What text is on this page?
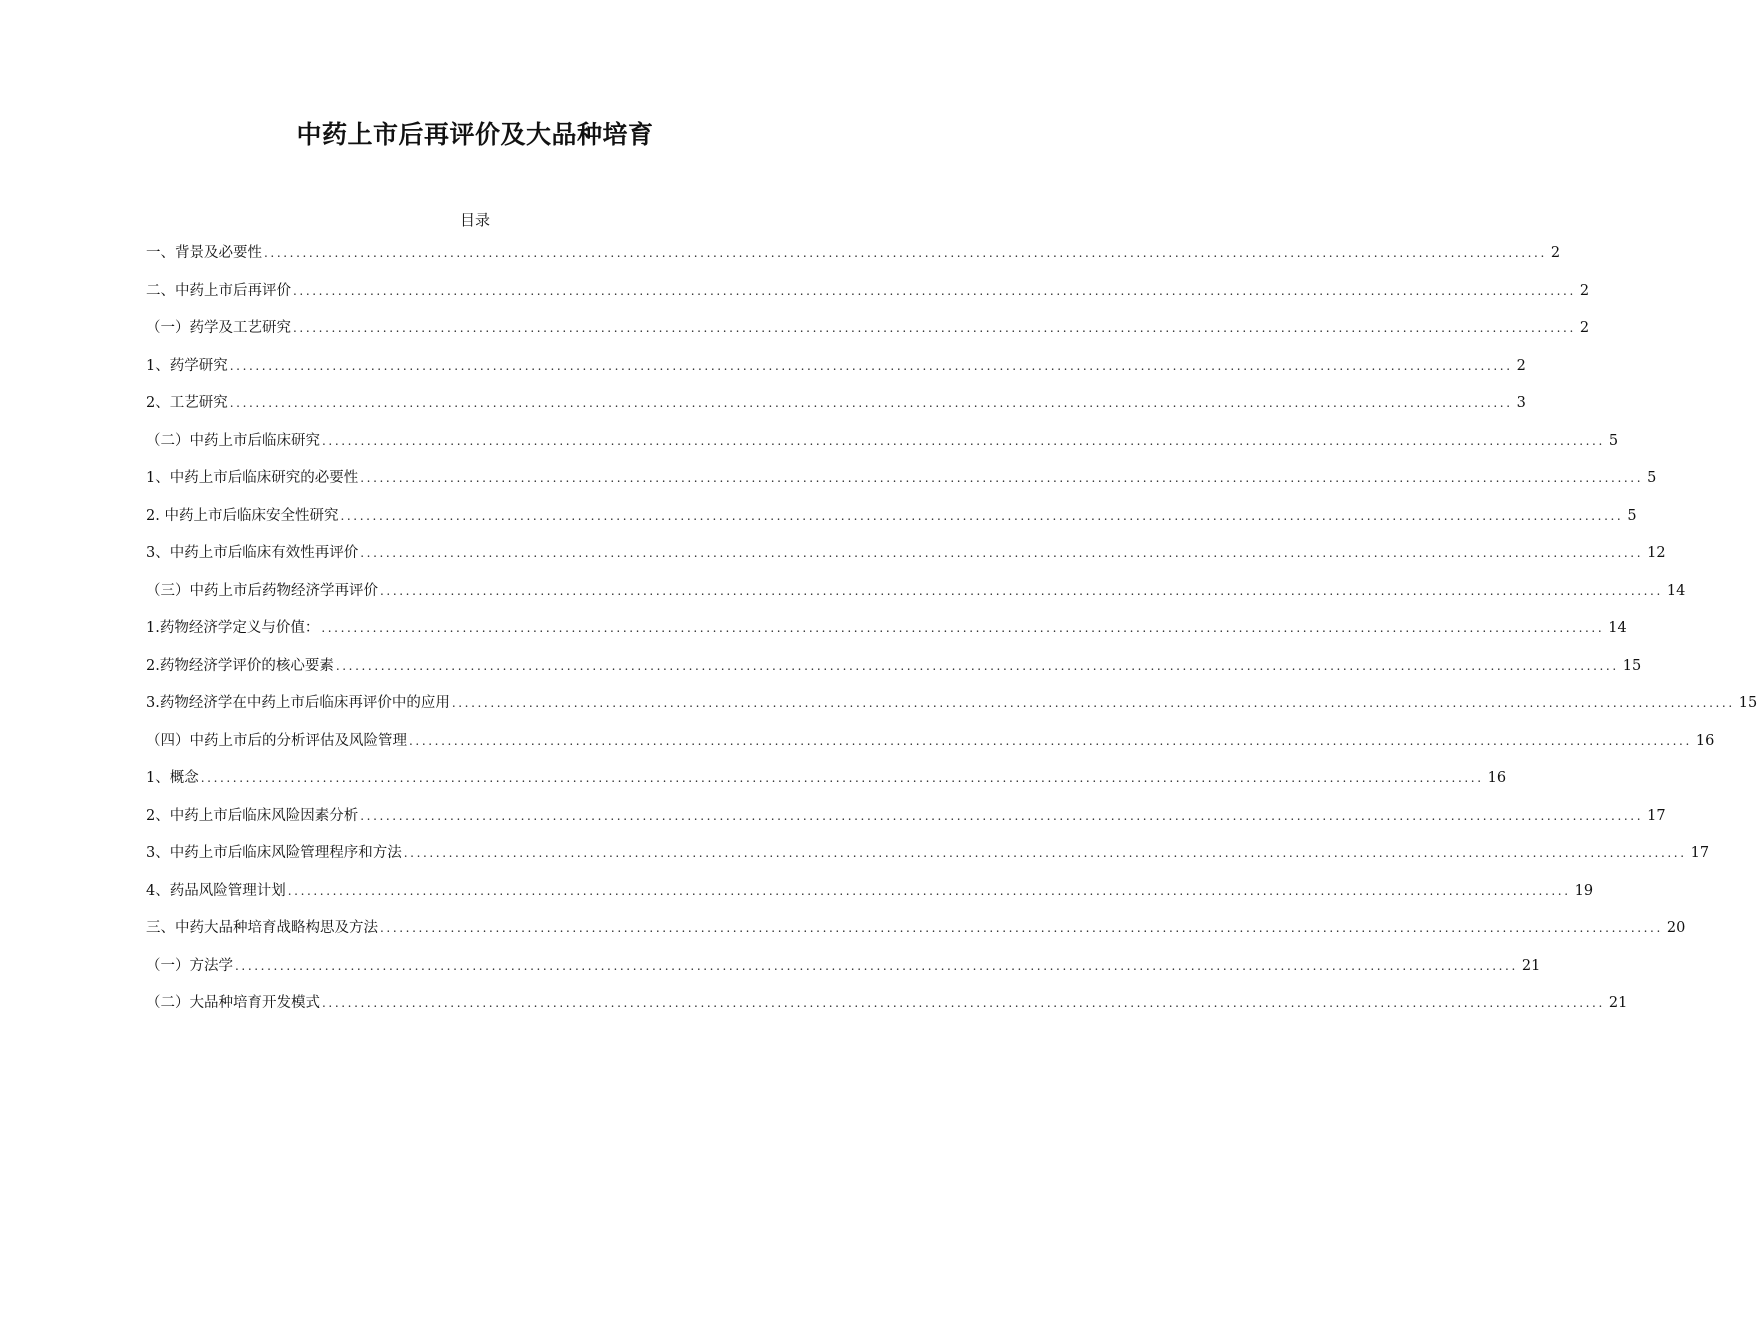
中药上市后再评价及大品种培育
目录
一、背景及必要性 ........................................................................................................................................................................................................ 2
二、中药上市后再评价 ........................................................................................................................................................................................................ 2
（一）药学及工艺研究 ........................................................................................................................................................................................................ 2
1、药学研究 ........................................................................................................................................................................................................ 2
2、工艺研究 ........................................................................................................................................................................................................ 3
（二）中药上市后临床研究 ........................................................................................................................................................................................................ 5
1、中药上市后临床研究的必要性 ........................................................................................................................................................................................................ 5
2. 中药上市后临床安全性研究 ........................................................................................................................................................................................................ 5
3、中药上市后临床有效性再评价 ........................................................................................................................................................................................................ 12
（三）中药上市后药物经济学再评价 ........................................................................................................................................................................................................ 14
1.药物经济学定义与价值： ........................................................................................................................................................................................................ 14
2.药物经济学评价的核心要素 ........................................................................................................................................................................................................ 15
3.药物经济学在中药上市后临床再评价中的应用 ........................................................................................................................................................................................................ 15
（四）中药上市后的分析评估及风险管理 ........................................................................................................................................................................................................ 16
1、概念 ........................................................................................................................................................................................................ 16
2、中药上市后临床风险因素分析 ........................................................................................................................................................................................................ 17
3、中药上市后临床风险管理程序和方法 ........................................................................................................................................................................................................ 17
4、药品风险管理计划 ........................................................................................................................................................................................................ 19
三、中药大品种培育战略构思及方法 ........................................................................................................................................................................................................ 20
（一）方法学 ........................................................................................................................................................................................................ 21
（二）大品种培育开发模式 ........................................................................................................................................................................................................ 21
